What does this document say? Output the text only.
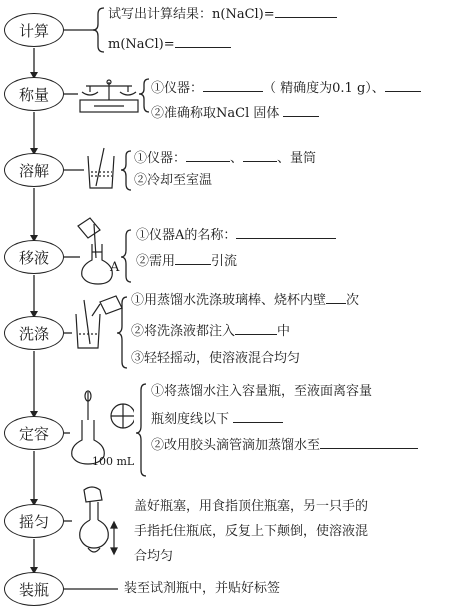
计算
称量
溶解
移液
洗涤
定容
摇匀
装瓶
试写出计算结果：n(NaCl)=
m(NaCl)=
①仪器：	（ 精确度为0.1 g）、
②准确称取NaCl 固体
①仪器：	、	、量筒
②冷却至室温
A
①仪器A的名称：
②需用	引流
①用蒸馏水洗涤玻璃棒、烧杯内壁 次
②将洗涤液都注入	中
③轻轻摇动，使溶液混合均匀
100 mL
①将蒸馏水注入容量瓶，至液面离容量
瓶刻度线以下
②改用胶头滴管滴加蒸馏水至
盖好瓶塞，用食指顶住瓶塞，另一只手的
手指托住瓶底，反复上下颠倒，使溶液混
合均匀
装至试剂瓶中，并贴好标签
